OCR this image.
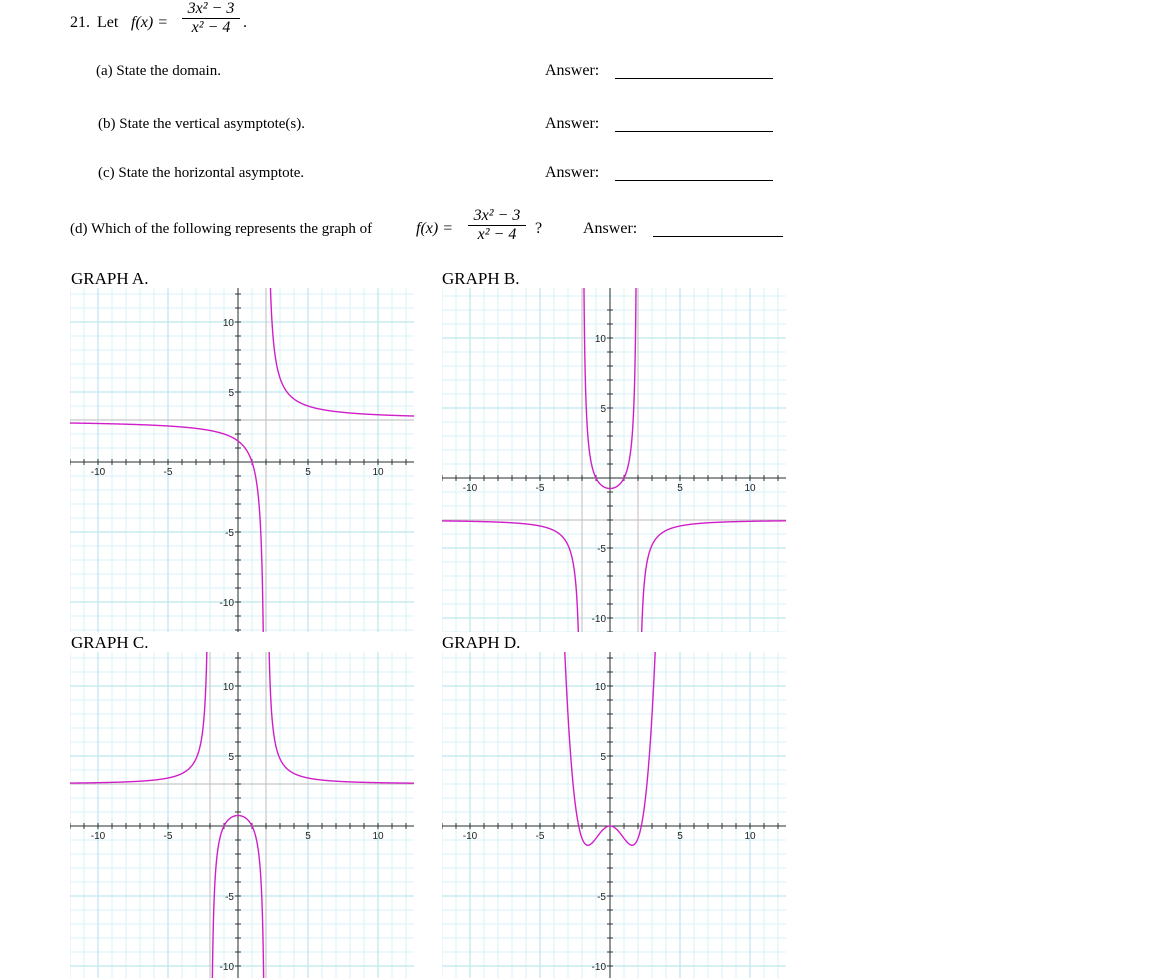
21. Let f(x) =
3x² − 3
x² − 4 .
(a) State the domain.	Answer:
(b) State the vertical asymptote(s).	Answer:
(c) State the horizontal asymptote.	Answer:
(d) Which of the following represents the graph of	f(x) =
3x² − 3
x² − 4	?	Answer:
GRAPH A.	GRAPH B.
GRAPH C.	GRAPH D.
-10	-5	5	10
10
5
-5
-10
-10	-5	5	10
10
5
-5
-10
-10	-5	5	10
10
5
-5
-10
-10	-5	5	10
10
5
-5
-10
